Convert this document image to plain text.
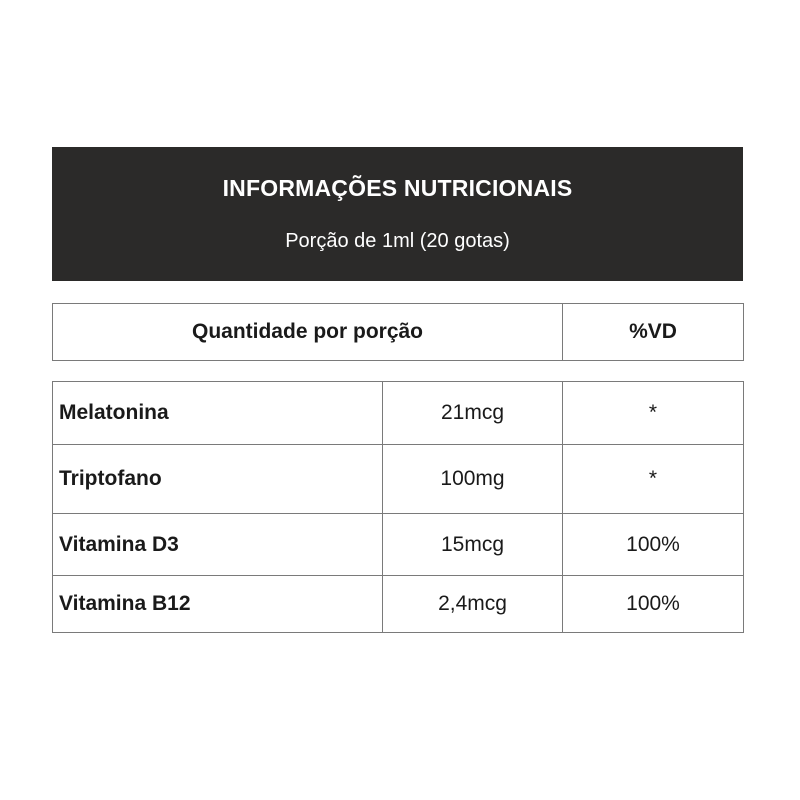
INFORMAÇÕES NUTRICIONAIS
Porção de 1ml (20 gotas)
Quantidade por porção	%VD
Melatonina	21mcg	*
Triptofano	100mg	*
Vitamina D3	15mcg	100%
Vitamina B12	2,4mcg	100%
